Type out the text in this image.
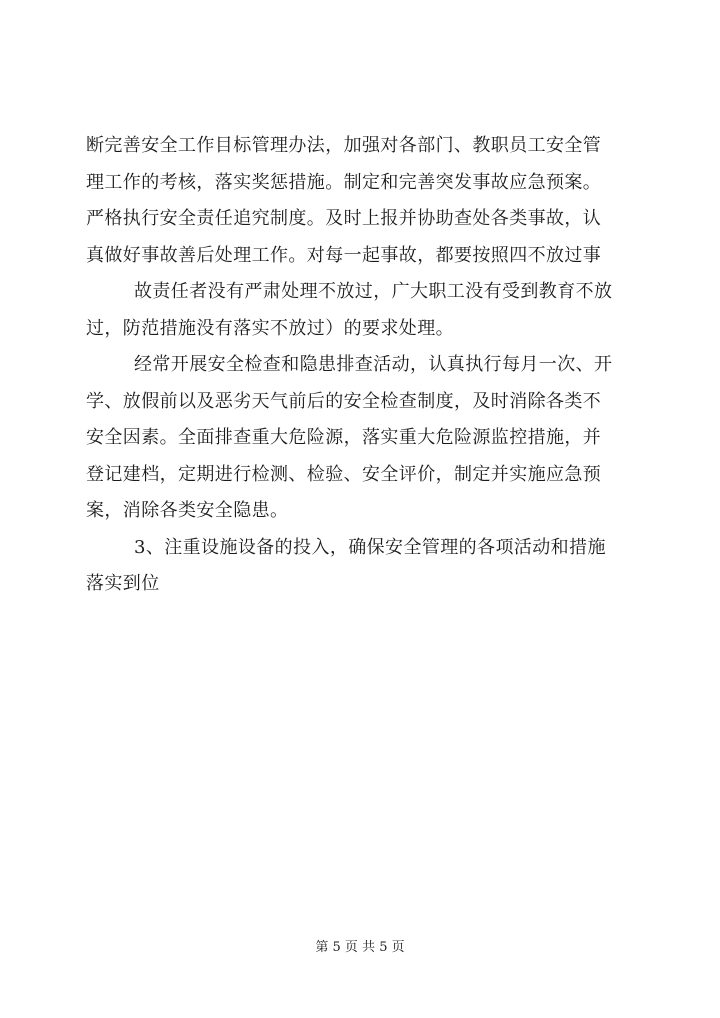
断完善安全工作目标管理办法，加强对各部门、教职员工安全管
理工作的考核，落实奖惩措施。制定和完善突发事故应急预案。
严格执行安全责任追究制度。及时上报并协助查处各类事故，认
真做好事故善后处理工作。对每一起事故，都要按照四不放过事
故责任者没有严肃处理不放过，广大职工没有受到教育不放
过，防范措施没有落实不放过）的要求处理。
经常开展安全检查和隐患排查活动，认真执行每月一次、开
学、放假前以及恶劣天气前后的安全检查制度，及时消除各类不
安全因素。全面排查重大危险源，落实重大危险源监控措施，并
登记建档，定期进行检测、检验、安全评价，制定并实施应急预
案，消除各类安全隐患。
3、注重设施设备的投入，确保安全管理的各项活动和措施
落实到位
第 5 页 共 5 页
